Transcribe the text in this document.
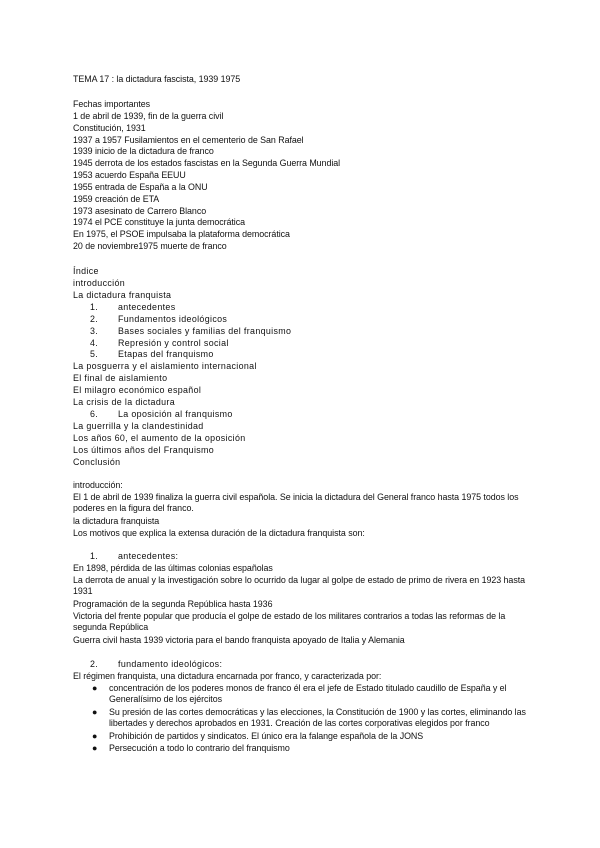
TEMA 17 : la dictadura fascista, 1939 1975
Fechas importantes
1 de abril de 1939, fin de la guerra civil
Constitución, 1931
1937 a 1957 Fusilamientos en el cementerio de San Rafael
1939 inicio de la dictadura de franco
1945 derrota de los estados fascistas en la Segunda Guerra Mundial
1953 acuerdo España EEUU
1955 entrada de España a la ONU
1959 creación de ETA
1973 asesinato de Carrero Blanco
1974 el PCE constituye la junta democrática
En 1975, el PSOE impulsaba la plataforma democrática
20 de noviembre1975 muerte de franco
Índice
introducción
La dictadura franquista
1. antecedentes
2. Fundamentos ideológicos
3. Bases sociales y familias del franquismo
4. Represión y control social
5. Etapas del franquismo
La posguerra y el aislamiento internacional
El final de aislamiento
El milagro económico español
La crisis de la dictadura
6. La oposición al franquismo
La guerrilla y la clandestinidad
Los años 60, el aumento de la oposición
Los últimos años del Franquismo
Conclusión
introducción:
El 1 de abril de 1939 finaliza la guerra civil española. Se inicia la dictadura del General franco hasta 1975 todos los poderes en la figura del franco.
la dictadura franquista
Los motivos que explica la extensa duración de la dictadura franquista son:
1. antecedentes:
En 1898, pérdida de las últimas colonias españolas
La derrota de anual y la investigación sobre lo ocurrido da lugar al golpe de estado de primo de rivera en 1923 hasta 1931
Programación de la segunda República hasta 1936
Victoria del frente popular que producía el golpe de estado de los militares contrarios a todas las reformas de la segunda República
Guerra civil hasta 1939 victoria para el bando franquista apoyado de Italia y Alemania
2. fundamento ideológicos:
El régimen franquista, una dictadura encarnada por franco, y caracterizada por:
● concentración de los poderes monos de franco él era el jefe de Estado titulado caudillo de España y el Generalísimo de los ejércitos
● Su presión de las cortes democráticas y las elecciones, la Constitución de 1900 y las cortes, eliminando las libertades y derechos aprobados en 1931. Creación de las cortes corporativas elegidos por franco
● Prohibición de partidos y sindicatos. El único era la falange española de la JONS
● Persecución a todo lo contrario del franquismo
